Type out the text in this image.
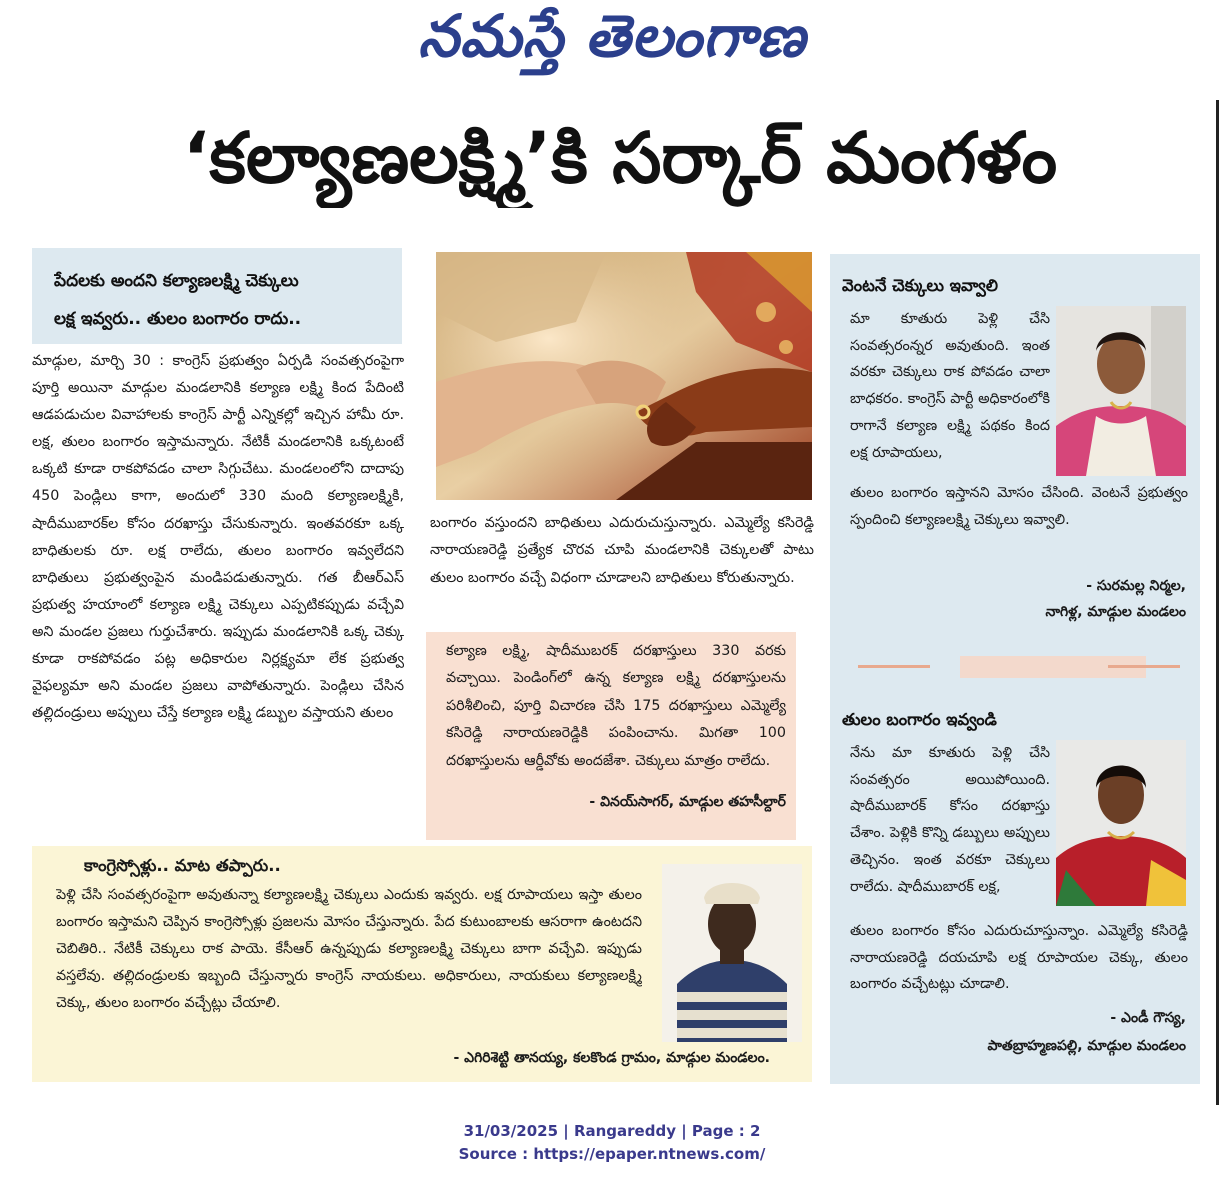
నమస్తే తెలంగాణ
‘కల్యాణలక్ష్మి’కి సర్కార్ మంగళం

పేదలకు అందని కల్యాణలక్ష్మి చెక్కులు

లక్ష ఇవ్వరు.. తులం బంగారం రాదు..

మాడ్గుల, మార్చి 30 : కాంగ్రెస్ ప్రభుత్వం ఏర్పడి సంవత్సరంపైగా పూర్తి అయినా మాడ్గుల మండలానికి కల్యాణ లక్ష్మి కింద పేదింటి ఆడపడుచుల వివాహాలకు కాంగ్రెస్ పార్టీ ఎన్నికల్లో ఇచ్చిన హామీ రూ. లక్ష, తులం బంగారం ఇస్తామన్నారు. నేటికీ మండలానికి ఒక్కటంటే ఒక్కటి కూడా రాకపోవడం చాలా సిగ్గుచేటు. మండలంలోని దాదాపు 450 పెండ్లిలు కాగా, అందులో 330 మంది కల్యాణలక్ష్మికి, షాదీముబారక్‌ల కోసం దరఖాస్తు చేసుకున్నారు. ఇంతవరకూ ఒక్క బాధితులకు రూ. లక్ష రాలేదు, తులం బంగారం ఇవ్వలేదని బాధితులు ప్రభుత్వంపైన మండిపడుతున్నారు. గత బీఆర్‌ఎస్ ప్రభుత్వ హయాంలో కల్యాణ లక్ష్మి చెక్కులు ఎప్పటికప్పుడు వచ్చేవి అని మండల ప్రజలు గుర్తుచేశారు. ఇప్పుడు మండలానికి ఒక్క చెక్కు కూడా రాకపోవడం పట్ల అధికారుల నిర్లక్ష్యమా లేక ప్రభుత్వ వైఫల్యమా అని మండల ప్రజలు వాపోతున్నారు. పెండ్లిలు చేసిన తల్లిదండ్రులు అప్పులు చేస్తే కల్యాణ లక్ష్మి డబ్బుల వస్తాయని తులం
బంగారం వస్తుందని బాధితులు ఎదురుచుస్తున్నారు. ఎమ్మెల్యే కసిరెడ్డి నారాయణరెడ్డి ప్రత్యేక చొరవ చూపి మండలానికి చెక్కులతో పాటు తులం బంగారం వచ్చే విధంగా చూడాలని బాధితులు కోరుతున్నారు.

కల్యాణ లక్ష్మి, షాదీముబరక్ దరఖాస్తులు 330 వరకు వచ్చాయి. పెండింగ్‌లో ఉన్న కల్యాణ లక్ష్మి దరఖాస్తులను పరిశీలించి, పూర్తి విచారణ చేసి 175 దరఖాస్తులు ఎమ్మెల్యే కసిరెడ్డి నారాయణరెడ్డికి పంపించాను. మిగతా 100 దరఖాస్తులను ఆర్డీవోకు అందజేశా. చెక్కులు మాత్రం రాలేదు.

- వినయ్‌సాగర్, మాడ్గుల తహసీల్దార్

వెంటనే చెక్కులు ఇవ్వాలి
మా కూతురు పెళ్లి చేసి సంవత్సరంన్నర అవుతుంది. ఇంత వరకూ చెక్కులు రాక పోవడం చాలా బాధకరం. కాంగ్రెస్ పార్టీ అధికారంలోకి రాగానే కల్యాణ లక్ష్మి పథకం కింద లక్ష రూపాయలు,
తులం బంగారం ఇస్తానని మోసం చేసింది. వెంటనే ప్రభుత్వం స్పందించి కల్యాణలక్ష్మి చెక్కులు ఇవ్వాలి.
- సురమల్ల నిర్మల,
నాగిళ్ల, మాడ్గుల మండలం
తులం బంగారం ఇవ్వండి
నేను మా కూతురు పెళ్లి చేసి సంవత్సరం అయిపోయింది. షాదీముబారక్ కోసం దరఖాస్తు చేశాం. పెళ్లికి కొన్ని డబ్బులు అప్పులు తెచ్చినం. ఇంత వరకూ చెక్కులు రాలేదు. షాదీముబారక్ లక్ష,
తులం బంగారం కోసం ఎదురుచూస్తున్నాం. ఎమ్మెల్యే కసిరెడ్డి నారాయణరెడ్డి దయచూపి లక్ష రూపాయల చెక్కు, తులం బంగారం వచ్చేటట్లు చూడాలి.
- ఎండీ గౌస్య,
పాతబ్రాహ్మణపల్లి, మాడ్గుల మండలం
కాంగ్రెస్సోళ్లు.. మాట తప్పారు..
పెళ్లి చేసి సంవత్సరంపైగా అవుతున్నా కల్యాణలక్ష్మి చెక్కులు ఎందుకు ఇవ్వరు. లక్ష రూపాయలు ఇస్తా తులం బంగారం ఇస్తామని చెప్పిన కాంగ్రెస్సోళ్లు ప్రజలను మోసం చేస్తున్నారు. పేద కుటుంబాలకు ఆసరాగా ఉంటదని చెబితిరి.. నేటికీ చెక్కులు రాక పాయె. కేసీఆర్ ఉన్నప్పుడు కల్యాణలక్ష్మి చెక్కులు బాగా వచ్చేవి. ఇప్పుడు వస్తలేవు. తల్లిదండ్రులకు ఇబ్బంది చేస్తున్నారు కాంగ్రెస్ నాయకులు. అధికారులు, నాయకులు కల్యాణలక్ష్మి చెక్కు, తులం బంగారం వచ్చేట్లు చేయాలి.
- ఎగిరిశెట్టి తానయ్య, కలకొండ గ్రామం, మాడ్గుల మండలం.
31/03/2025 | Rangareddy | Page : 2
Source : https://epaper.ntnews.com/
